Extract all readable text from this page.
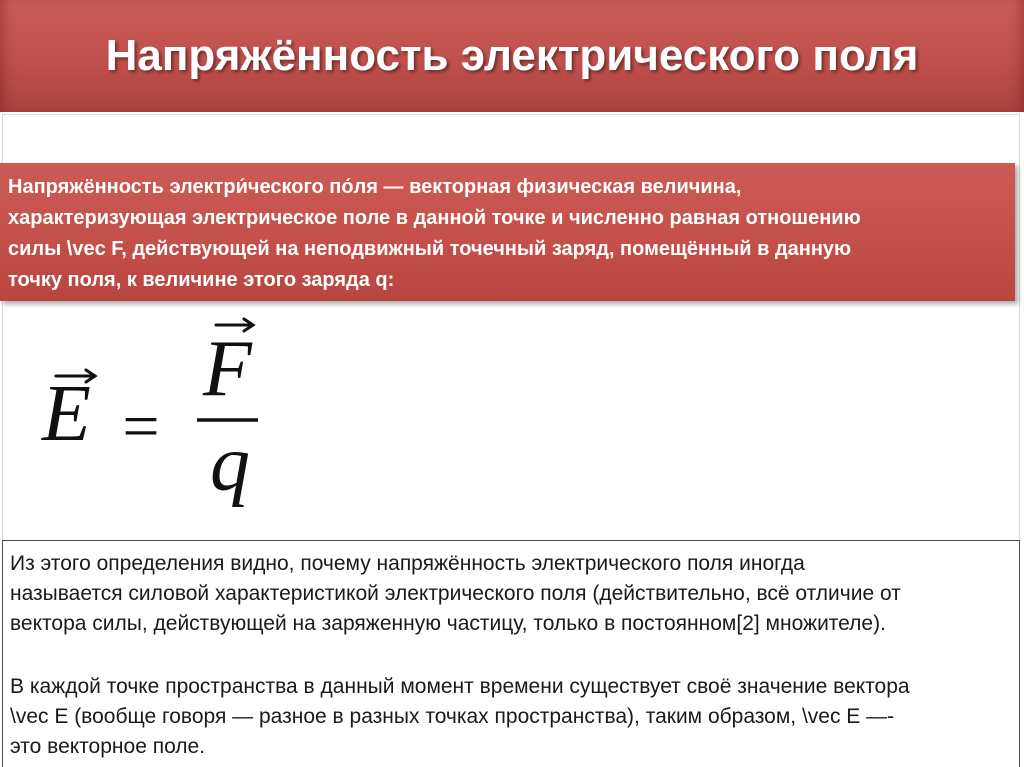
Напряжённость электрического поля
Напряжённость электри́ческого по́ля — векторная физическая величина,
характеризующая электрическое поле в данной точке и численно равная отношению
силы \vec F, действующей на неподвижный точечный заряд, помещённый в данную
точку поля, к величине этого заряда q:
E =
F
q
Из этого определения видно, почему напряжённость электрического поля иногда
называется силовой характеристикой электрического поля (действительно, всё отличие от
вектора силы, действующей на заряженную частицу, только в постоянном[2] множителе).
В каждой точке пространства в данный момент времени существует своё значение вектора
\vec E (вообще говоря — разное в разных точках пространства), таким образом, \vec E —-
это векторное поле.
